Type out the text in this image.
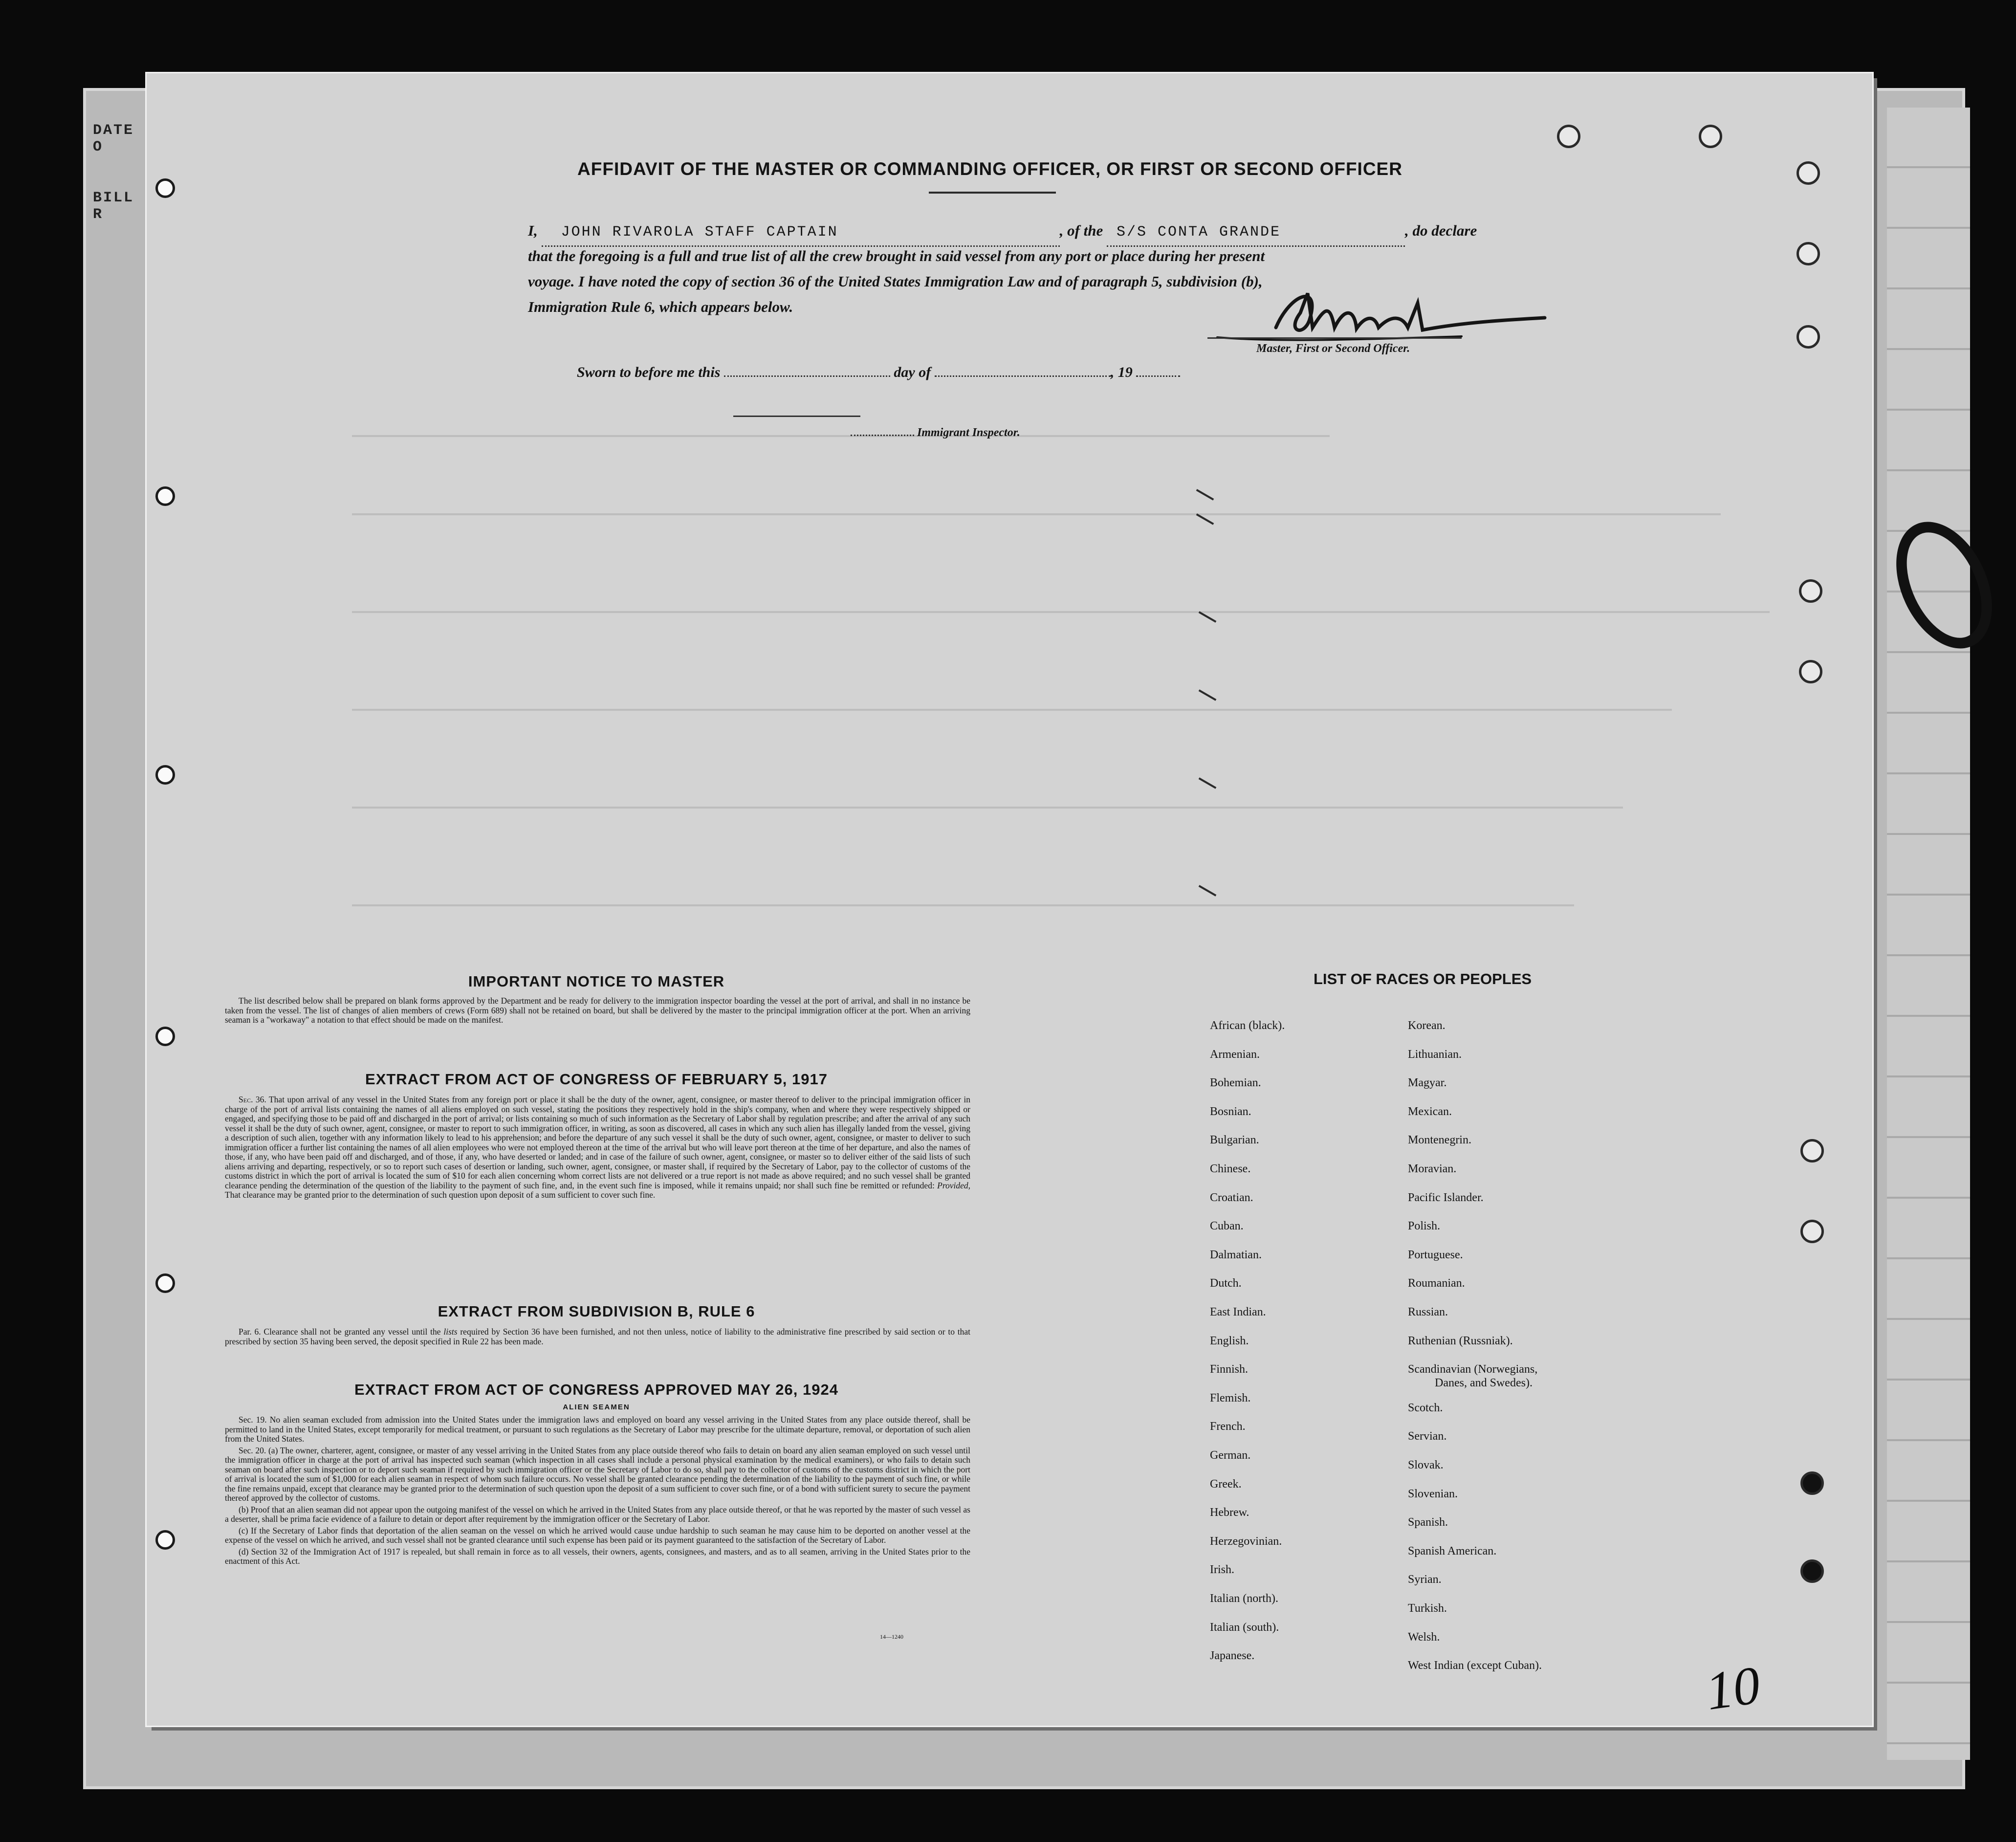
DATE O
BILL R
AFFIDAVIT OF THE MASTER OR COMMANDING OFFICER, OR FIRST OR SECOND OFFICER
I, JOHN RIVAROLA STAFF CAPTAIN	, of the S/S CONTA GRANDE	, do declare
that the foregoing is a full and true list of all the crew brought in said vessel from any port or place during her present
voyage. I have noted the copy of section 36 of the United States Immigration Law and of paragraph 5, subdivision (b),
Immigration Rule 6, which appears below.
Master, First or Second Officer.
Sworn to before me this	day of	, 19
Immigrant Inspector.
IMPORTANT NOTICE TO MASTER

The list described below shall be prepared on blank forms approved by the Department and be ready for delivery to the immigration inspector boarding the vessel at the port of arrival, and shall in no instance be taken from the vessel. The list of changes of alien members of crews (Form 689) shall not be retained on board, but shall be delivered by the master to the principal immigration officer at the port. When an arriving seaman is a "workaway" a notation to that effect should be made on the manifest.

EXTRACT FROM ACT OF CONGRESS OF FEBRUARY 5, 1917

Sec. 36. That upon arrival of any vessel in the United States from any foreign port or place it shall be the duty of the owner, agent, consignee, or master thereof to deliver to the principal immigration officer in charge of the port of arrival lists containing the names of all aliens employed on such vessel, stating the positions they respectively hold in the ship's company, when and where they were respectively shipped or engaged, and specifying those to be paid off and discharged in the port of arrival; or lists containing so much of such information as the Secretary of Labor shall by regulation prescribe; and after the arrival of any such vessel it shall be the duty of such owner, agent, consignee, or master to report to such immigration officer, in writing, as soon as discovered, all cases in which any such alien has illegally landed from the vessel, giving a description of such alien, together with any information likely to lead to his apprehension; and before the departure of any such vessel it shall be the duty of such owner, agent, consignee, or master to deliver to such immigration officer a further list containing the names of all alien employees who were not employed thereon at the time of the arrival but who will leave port thereon at the time of her departure, and also the names of those, if any, who have been paid off and discharged, and of those, if any, who have deserted or landed; and in case of the failure of such owner, agent, consignee, or master so to deliver either of the said lists of such aliens arriving and departing, respectively, or so to report such cases of desertion or landing, such owner, agent, consignee, or master shall, if required by the Secretary of Labor, pay to the collector of customs of the customs district in which the port of arrival is located the sum of $10 for each alien concerning whom correct lists are not delivered or a true report is not made as above required; and no such vessel shall be granted clearance pending the determination of the question of the liability to the payment of such fine, and, in the event such fine is imposed, while it remains unpaid; nor shall such fine be remitted or refunded: Provided, That clearance may be granted prior to the determination of such question upon deposit of a sum sufficient to cover such fine.

EXTRACT FROM SUBDIVISION B, RULE 6

Par. 6. Clearance shall not be granted any vessel until the lists required by Section 36 have been furnished, and not then unless, notice of liability to the administrative fine prescribed by said section or to that prescribed by section 35 having been served, the deposit specified in Rule 22 has been made.

EXTRACT FROM ACT OF CONGRESS APPROVED MAY 26, 1924
ALIEN SEAMEN

Sec. 19. No alien seaman excluded from admission into the United States under the immigration laws and employed on board any vessel arriving in the United States from any place outside thereof, shall be permitted to land in the United States, except temporarily for medical treatment, or pursuant to such regulations as the Secretary of Labor may prescribe for the ultimate departure, removal, or deportation of such alien from the United States.

Sec. 20. (a) The owner, charterer, agent, consignee, or master of any vessel arriving in the United States from any place outside thereof who fails to detain on board any alien seaman employed on such vessel until the immigration officer in charge at the port of arrival has inspected such seaman (which inspection in all cases shall include a personal physical examination by the medical examiners), or who fails to detain such seaman on board after such inspection or to deport such seaman if required by such immigration officer or the Secretary of Labor to do so, shall pay to the collector of customs of the customs district in which the port of arrival is located the sum of $1,000 for each alien seaman in respect of whom such failure occurs. No vessel shall be granted clearance pending the determination of the liability to the payment of such fine, or while the fine remains unpaid, except that clearance may be granted prior to the determination of such question upon the deposit of a sum sufficient to cover such fine, or of a bond with sufficient surety to secure the payment thereof approved by the collector of customs.

(b) Proof that an alien seaman did not appear upon the outgoing manifest of the vessel on which he arrived in the United States from any place outside thereof, or that he was reported by the master of such vessel as a deserter, shall be prima facie evidence of a failure to detain or deport after requirement by the immigration officer or the Secretary of Labor.

(c) If the Secretary of Labor finds that deportation of the alien seaman on the vessel on which he arrived would cause undue hardship to such seaman he may cause him to be deported on another vessel at the expense of the vessel on which he arrived, and such vessel shall not be granted clearance until such expense has been paid or its payment guaranteed to the satisfaction of the Secretary of Labor.

(d) Section 32 of the Immigration Act of 1917 is repealed, but shall remain in force as to all vessels, their owners, agents, consignees, and masters, and as to all seamen, arriving in the United States prior to the enactment of this Act.

14—1240
LIST OF RACES OR PEOPLES
10
African (black).
Armenian.
Bohemian.
Bosnian.
Bulgarian.
Chinese.
Croatian.
Cuban.
Dalmatian.
Dutch.
East Indian.
English.
Finnish.
Flemish.
French.
German.
Greek.
Hebrew.
Herzegovinian.
Irish.
Italian (north).
Italian (south).
Japanese.
Korean.
Lithuanian.
Magyar.
Mexican.
Montenegrin.
Moravian.
Pacific Islander.
Polish.
Portuguese.
Roumanian.
Russian.
Ruthenian (Russniak).
Scandinavian (Norwegians,
Scotch.
Servian.
Slovak.
Slovenian.
Spanish.
Spanish American.
Syrian.
Turkish.
Welsh.
West Indian (except Cuban).
Danes, and Swedes).
